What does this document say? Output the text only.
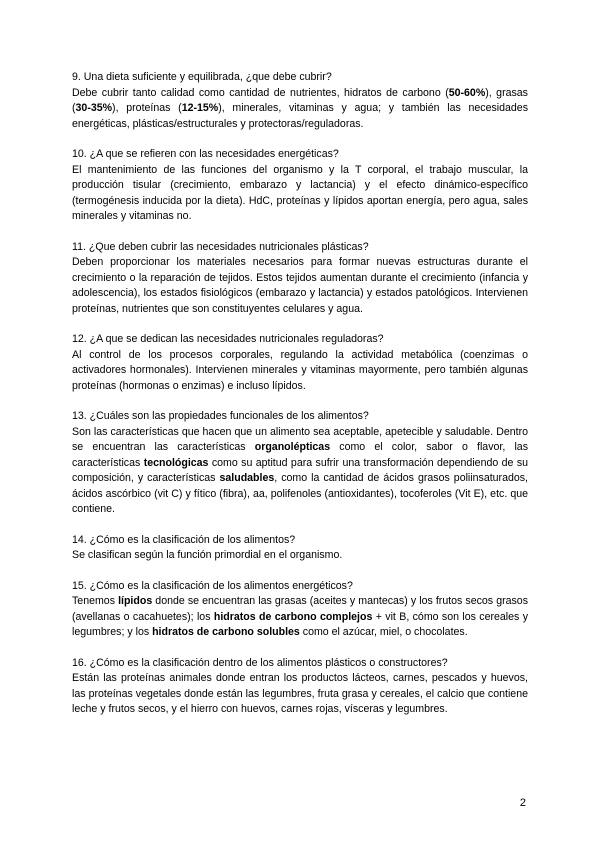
9. Una dieta suficiente y equilibrada, ¿que debe cubrir?

Debe cubrir tanto calidad como cantidad de nutrientes, hidratos de carbono (50-60%), grasas (30-35%), proteínas (12-15%), minerales, vitaminas y agua; y también las necesidades energéticas, plásticas/estructurales y protectoras/reguladoras.

10. ¿A que se refieren con las necesidades energéticas?

El mantenimiento de las funciones del organismo y la T corporal, el trabajo muscular, la producción tisular (crecimiento, embarazo y lactancia) y el efecto dinámico-específico (termogénesis inducida por la dieta). HdC, proteínas y lípidos aportan energía, pero agua, sales minerales y vitaminas no.

11. ¿Que deben cubrir las necesidades nutricionales plásticas?

Deben proporcionar los materiales necesarios para formar nuevas estructuras durante el crecimiento o la reparación de tejidos. Estos tejidos aumentan durante el crecimiento (infancia y adolescencia), los estados fisiológicos (embarazo y lactancia) y estados patológicos. Intervienen proteínas, nutrientes que son constituyentes celulares y agua.

12. ¿A que se dedican las necesidades nutricionales reguladoras?

Al control de los procesos corporales, regulando la actividad metabólica (coenzimas o activadores hormonales). Intervienen minerales y vitaminas mayormente, pero también algunas proteínas (hormonas o enzimas) e incluso lípidos.

13. ¿Cuáles son las propiedades funcionales de los alimentos?

Son las características que hacen que un alimento sea aceptable, apetecible y saludable. Dentro se encuentran las características organolépticas como el color, sabor o flavor, las características tecnológicas como su aptitud para sufrir una transformación dependiendo de su composición, y características saludables, como la cantidad de ácidos grasos poliinsaturados, ácidos ascórbico (vit C) y fítico (fibra), aa, polifenoles (antioxidantes), tocoferoles (Vit E), etc. que contiene.

14. ¿Cómo es la clasificación de los alimentos?

Se clasifican según la función primordial en el organismo.

15. ¿Cómo es la clasificación de los alimentos energéticos?

Tenemos lípidos donde se encuentran las grasas (aceites y mantecas) y los frutos secos grasos (avellanas o cacahuetes); los hidratos de carbono complejos + vit B, cómo son los cereales y legumbres; y los hidratos de carbono solubles como el azúcar, miel, o chocolates.

16. ¿Cómo es la clasificación dentro de los alimentos plásticos o constructores?

Están las proteínas animales donde entran los productos lácteos, carnes, pescados y huevos, las proteínas vegetales donde están las legumbres, fruta grasa y cereales, el calcio que contiene leche y frutos secos, y el hierro con huevos, carnes rojas, vísceras y legumbres.

2
